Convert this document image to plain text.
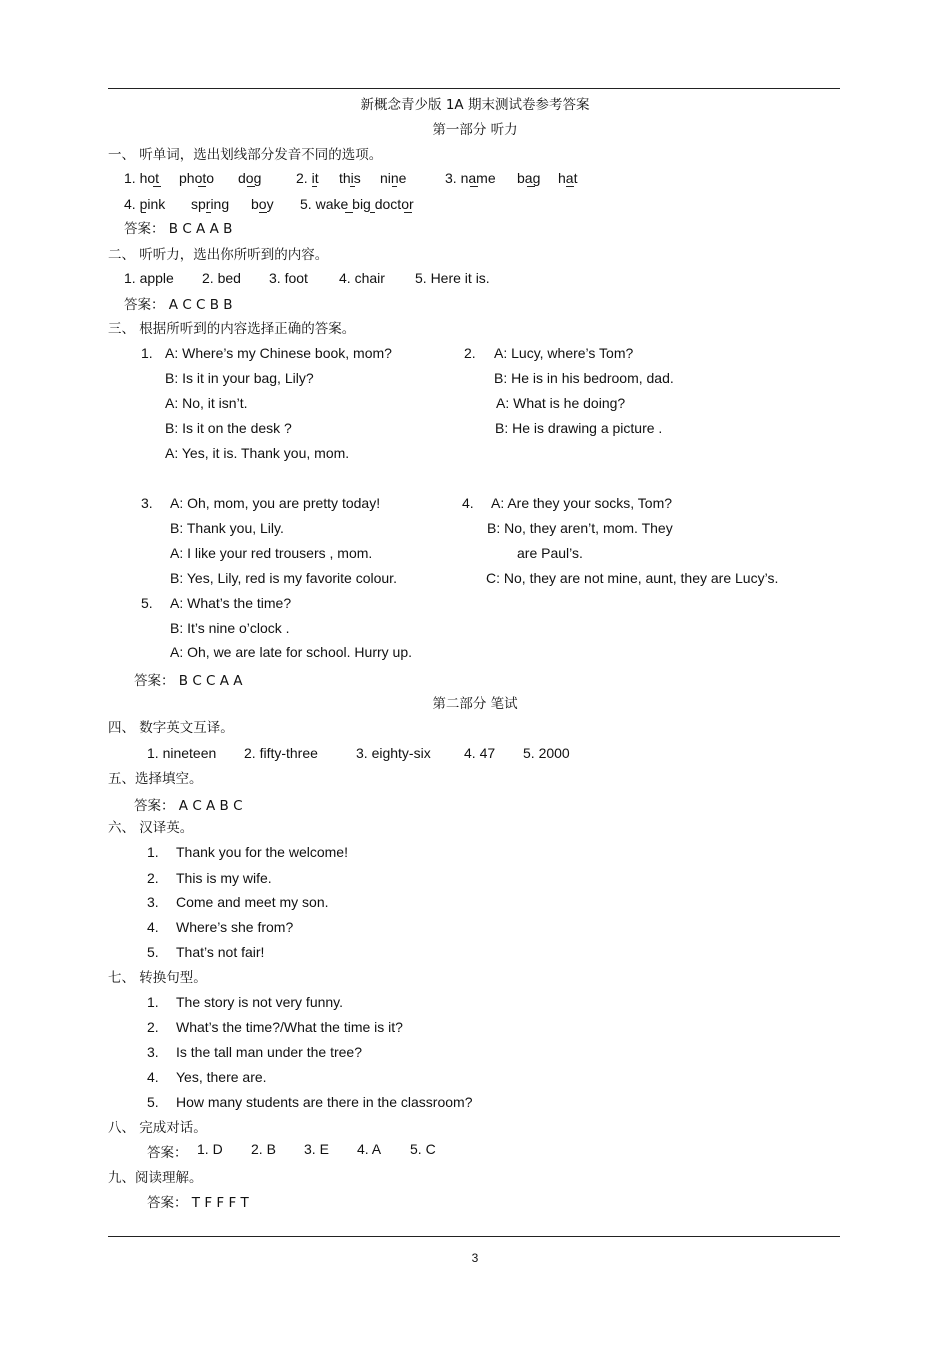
新概念青少版 1A 期末测试卷参考答案
第一部分 听力
一、 听单词，选出划线部分发音不同的选项。
1. hot photo dog 2. it this nine	3. name bag hat
4. pink spring boy 5. wake big doctor
答案： B C A A B
二、 听听力，选出你所听到的内容。
1. apple 2. bed 3. foot 4. chair 5. Here it is.
答案： A C C B B
三、 根据所听到的内容选择正确的答案。
1. A: Where’s my Chinese book, mom?
B: Is it in your bag, Lily?
A: No, it isn’t.
B: Is it on the desk ?
A: Yes, it is. Thank you, mom.
2. A: Lucy, where’s Tom?
B: He is in his bedroom, dad.
A: What is he doing?
B: He is drawing a picture .
3. A: Oh, mom, you are pretty today!
B: Thank you, Lily.
A: I like your red trousers , mom.
B: Yes, Lily, red is my favorite colour.
4. A: Are they your socks, Tom?
B: No, they aren’t, mom. They
are Paul’s.
C: No, they are not mine, aunt, they are Lucy’s.
5. A: What’s the time?
B: It’s nine o’clock .
A: Oh, we are late for school. Hurry up.
答案： B C C A A
第二部分 笔试
四、 数字英文互译。
1. nineteen 2. fifty-three	3. eighty-six 4. 47 5. 2000
五、选择填空。
答案： A C A B C
六、 汉译英。
1. Thank you for the welcome!
2. This is my wife.
3. Come and meet my son.
4. Where’s she from?
5. That’s not fair!
七、 转换句型。
1. The story is not very funny.
2. What’s the time?/What the time is it?
3. Is the tall man under the tree?
4. Yes, there are.
5. How many students are there in the classroom?
八、 完成对话。
答案： 1. D 2. B 3. E 4. A 5. C
九、阅读理解。
答案： T F F F T
3
